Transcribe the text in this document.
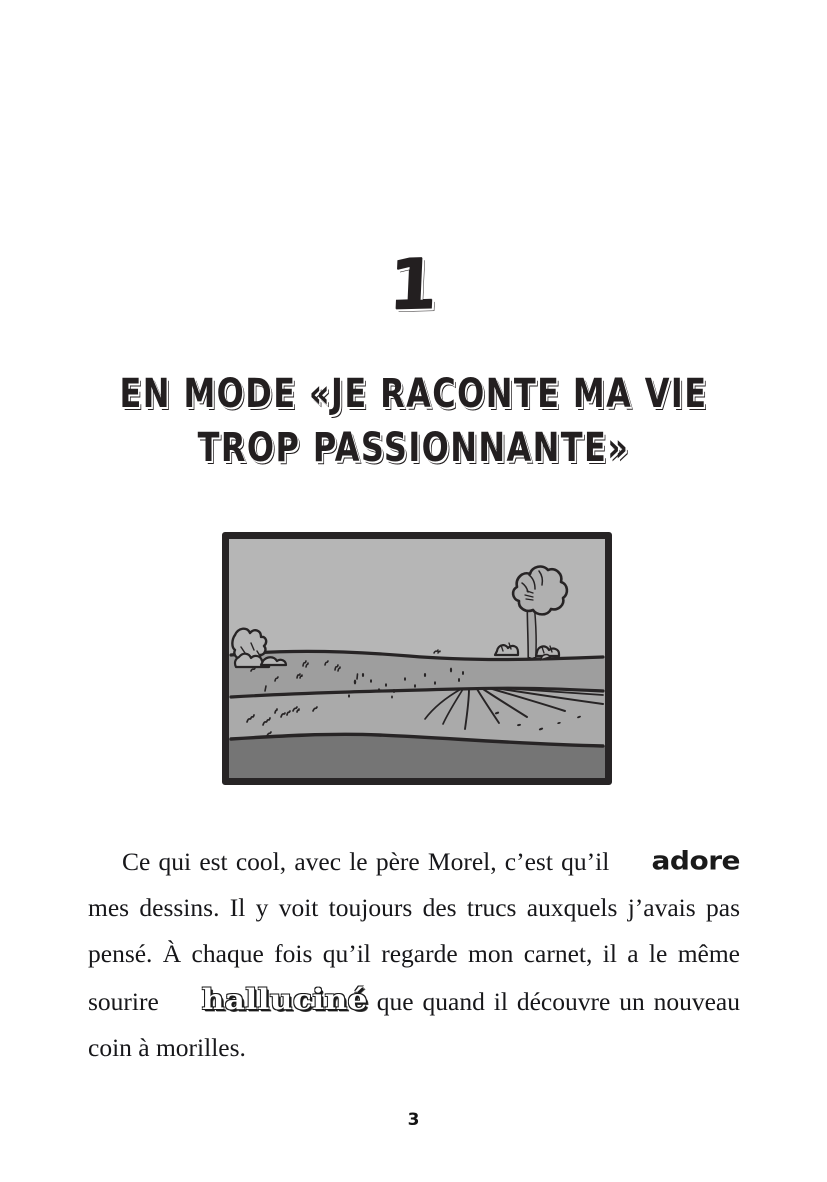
1
EN MODE «JE RACONTE MA VIE
TROP PASSIONNANTE»

Ce qui est cool, avec le père Morel, c’est qu’il adore mes dessins. Il y voit toujours des trucs auxquels j’avais pas pensé. À chaque fois qu’il regarde mon carnet, il a le même sourire halluciné que quand il découvre un nouveau coin à morilles.

3
